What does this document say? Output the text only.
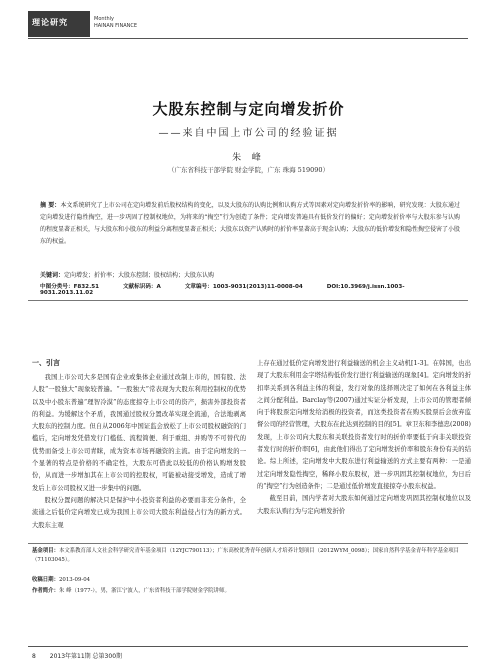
理论研究	Monthly
HAINAN FINANCE
大股东控制与定向增发折价
——来自中国上市公司的经验证据
朱 峰
（广东省科技干部学院 财金学院，广东 珠海 519090）
摘 要：本文系统研究了上市公司在定向增发前后股权结构的变化，以及大股东的认购比例和认购方式等因素对定向增发折价率的影响，研究发现：大股东通过定向增发进行隐性掏空，进一步巩固了控制权地位，为将来的“掏空”行为创造了条件；定向增发普遍具有低价发行的偏好；定向增发折价率与大股东参与认购的程度显著正相关，与大股东和小股东的利益分离程度显著正相关；大股东以资产认购时的折价率显著高于现金认购；大股东的低价增发和隐性掏空侵害了小股东的权益。
关键词：定向增发；折价率；大股东控制；股权结构；大股东认购
中图分类号：F832.51	文献标识码：A	文章编号：1003-9031(2013)11-0008-04	DOI:10.3969/j.issn.1003-9031.2013.11.02
一、引言

我国上市公司大多是国有企业或集体企业通过改制上市的，国有股、法人股“一股独大”现象较普遍。“一股独大”常表现为大股东利用控制权的优势以及中小股东普遍“理智冷漠”的态度掠夺上市公司的资产，损害外部投资者的利益。为缓解这个矛盾，我国通过股权分置改革实现全流通，合法地剥离大股东的控制力度。但自从2006年中国证监会放松了上市公司股权融资的门槛后，定向增发凭借发行门槛低、流程简便、利于重组、并购等不可替代的优势而备受上市公司青睐，成为资本市场再融资的主流。由于定向增发的一个显著的特点是价格的不确定性，大股东可借此以较低的价格认购增发股份，从而进一步增加其在上市公司的控股权，可能被动接受增发，造成了增发后上市公司股权又进一步集中的问题。

股权分置问题的解决只是保护中小投资者利益的必要而非充分条件，全流通之后低价定向增发已成为我国上市公司大股东利益侵占行为的新方式。大股东主观

上存在通过低价定向增发进行利益输送的机会主义动机[1-3]。在韩国，也出现了大股东利用金字塔结构低价发行进行利益输送的现象[4]。定向增发的折扣率关系到各利益主体的利益，发行对象的选择则决定了如何在各利益主体之间分配利益。Barclay等(2007)通过实证分析发现，上市公司的管理者倾向于将股票定向增发给消极的投资者，而这类投资者在购买股票后会放弃监督公司的经营管理，大股东在此达到控制的目的[5]。章卫东和李德忠(2008)发现，上市公司向大股东和关联投资者发行时的折价率要低于向非关联投资者发行时的折价率[6]，由此他们得出了定向增发折价率和股东身份有关的结论。综上所述，定向增发中大股东进行利益输送的方式主要有两种：一是通过定向增发隐性掏空，稀释小股东股权，进一步巩固其控制权地位，为日后的“掏空”行为创造条件；二是通过低价增发直接掠夺小股东权益。

截至目前，国内学者对大股东如何通过定向增发巩固其控制权地位以及大股东认购行为与定向增发折价

基金项目：本文系教育部人文社会科学研究青年基金项目（12YJC790113）；广东高校优秀青年创新人才培养计划项目（2012WYM_0098）；国家自然科学基金青年科学基金项目（71103045）。
收稿日期：2013-09-04
作者简介：朱 峰（1977-），男，浙江宁波人，广东省科技干部学院财金学院讲师。
8 2013年第11期 总第300期
